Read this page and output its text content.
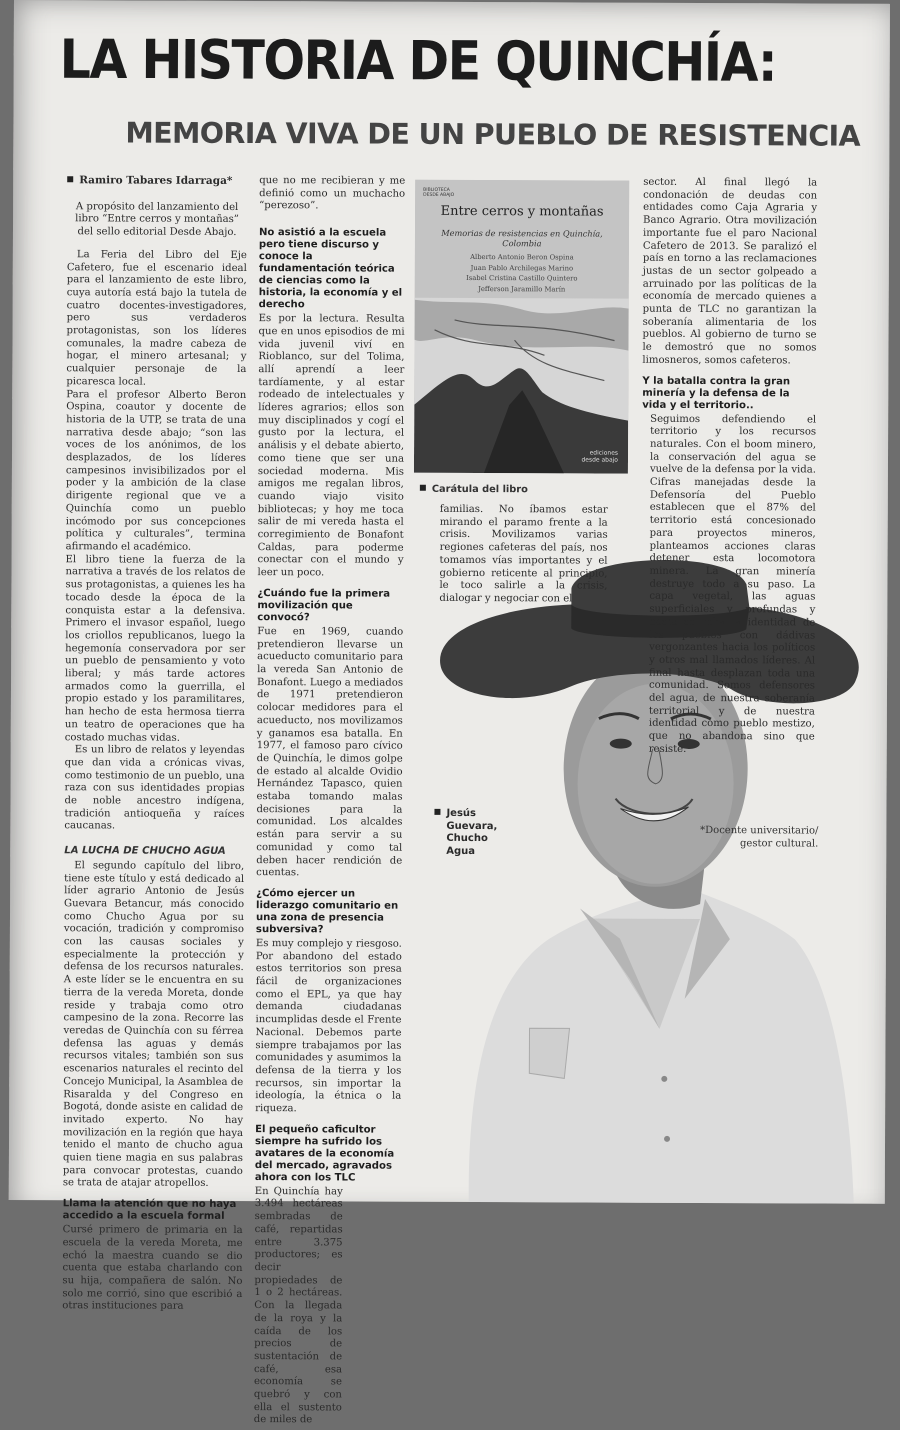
LA HISTORIA DE QUINCHÍA:
MEMORIA VIVA DE UN PUEBLO DE RESISTENCIA
Ramiro Tabares Idarraga*
A propósito del lanzamiento del libro “Entre cerros y montañas” del sello editorial Desde Abajo.

La Feria del Libro del Eje Cafetero, fue el escenario ideal para el lanzamiento de este libro, cuya autoría está bajo la tutela de cuatro docentes-investigadores, pero sus verdaderos protagonistas, son los líderes comunales, la madre cabeza de hogar, el minero artesanal; y cualquier personaje de la picaresca local.

Para el profesor Alberto Beron Ospina, coautor y docente de historia de la UTP, se trata de una narrativa desde abajo; “son las voces de los anónimos, de los desplazados, de los líderes campesinos invisibilizados por el poder y la ambición de la clase dirigente regional que ve a Quinchía como un pueblo incómodo por sus concepciones política y culturales”, termina afirmando el académico.

El libro tiene la fuerza de la narrativa a través de los relatos de sus protagonistas, a quienes les ha tocado desde la época de la conquista estar a la defensiva. Primero el invasor español, luego los criollos republicanos, luego la hegemonía conservadora por ser un pueblo de pensamiento y voto liberal; y más tarde actores armados como la guerrilla, el propio estado y los paramilitares, han hecho de esta hermosa tierra un teatro de operaciones que ha costado muchas vidas.

Es un libro de relatos y leyendas que dan vida a crónicas vivas, como testimonio de un pueblo, una raza con sus identidades propias de noble ancestro indígena, tradición antioqueña y raíces caucanas.

LA LUCHA DE CHUCHO AGUA

El segundo capítulo del libro, tiene este título y está dedicado al líder agrario Antonio de Jesús Guevara Betancur, más conocido como Chucho Agua por su vocación, tradición y compromiso con las causas sociales y especialmente la protección y defensa de los recursos naturales. A este líder se le encuentra en su tierra de la vereda Moreta, donde reside y trabaja como otro campesino de la zona. Recorre las veredas de Quinchía con su férrea defensa las aguas y demás recursos vitales; también son sus escenarios naturales el recinto del Concejo Municipal, la Asamblea de Risaralda y del Congreso en Bogotá, donde asiste en calidad de invitado experto. No hay movilización en la región que haya tenido el manto de chucho agua quien tiene magia en sus palabras para convocar protestas, cuando se trata de atajar atropellos.

Llama la atención que no haya accedido a la escuela formal

Cursé primero de primaria en la escuela de la vereda Moreta, me echó la maestra cuando se dio cuenta que estaba charlando con su hija, compañera de salón. No solo me corrió, sino que escribió a otras instituciones para

que no me recibieran y me definió como un muchacho “perezoso”.

No asistió a la escuela pero tiene discurso y conoce la fundamentación teórica de ciencias como la historia, la economía y el derecho

Es por la lectura. Resulta que en unos episodios de mi vida juvenil viví en Rioblanco, sur del Tolima, allí aprendí a leer tardíamente, y al estar rodeado de intelectuales y líderes agrarios; ellos son muy disciplinados y cogí el gusto por la lectura, el análisis y el debate abierto, como tiene que ser una sociedad moderna. Mis amigos me regalan libros, cuando viajo visito bibliotecas; y hoy me toca salir de mi vereda hasta el corregimiento de Bonafont Caldas, para poderme conectar con el mundo y leer un poco.

¿Cuándo fue la primera movilización que convocó?

Fue en 1969, cuando pretendieron llevarse un acueducto comunitario para la vereda San Antonio de Bonafont. Luego a mediados de 1971 pretendieron colocar medidores para el acueducto, nos movilizamos y ganamos esa batalla. En 1977, el famoso paro cívico de Quinchía, le dimos golpe de estado al alcalde Ovidio Hernández Tapasco, quien estaba tomando malas decisiones para la comunidad. Los alcaldes están para servir a su comunidad y como tal deben hacer rendición de cuentas.

¿Cómo ejercer un liderazgo comunitario en una zona de presencia subversiva?

Es muy complejo y riesgoso. Por abandono del estado estos territorios son presa fácil de organizaciones como el EPL, ya que hay demanda ciudadanas incumplidas desde el Frente Nacional. Debemos parte siempre trabajamos por las comunidades y asumimos la defensa de la tierra y los recursos, sin importar la ideología, la étnica o la riqueza.

El pequeño caficultor siempre ha sufrido los avatares de la economía del mercado, agravados ahora con los TLC

En Quinchía hay 3.494 hectáreas sembradas de café, repartidas entre 3.375 productores; es decir propiedades de 1 o 2 hectáreas. Con la llegada de la roya y la caída de los precios de sustentación de café, esa economía se quebró y con ella el sustento de miles de

BIBLIOTECA
DESDE ABAJO
Entre cerros y montañas
Memorias de resistencias en Quinchía, Colombia
Alberto Antonio Beron Ospina
Juan Pablo Archilegas Marino
Isabel Cristina Castillo Quintero
Jefferson Jaramillo Marín
ediciones
desde abajo
Carátula del libro

familias. No íbamos estar mirando el paramo frente a la crisis. Movilizamos varias regiones cafeteras del país, nos tomamos vías importantes y el gobierno reticente al principio, le toco salirle a la crisis, dialogar y negociar con el

sector. Al final llegó la condonación de deudas con entidades como Caja Agraria y Banco Agrario. Otra movilización importante fue el paro Nacional Cafetero de 2013. Se paralizó el país en torno a las reclamaciones justas de un sector golpeado a arruinado por las políticas de la economía de mercado quienes a punta de TLC no garantizan la soberanía alimentaria de los pueblos. Al gobierno de turno se le demostró que no somos limosneros, somos cafeteros.

Y la batalla contra la gran minería y la defensa de la vida y el territorio..

Seguimos defendiendo el territorio y los recursos naturales. Con el boom minero, la conservación del agua se vuelve de la defensa por la vida. Cifras manejadas desde la Defensoría del Pueblo establecen que el 87% del territorio está concesionado para proyectos mineros, planteamos acciones claras detener esta locomotora minera. La gran minería destruye todo a su paso. La capa vegetal, las aguas superficiales y profundas y hasta se roba la identidad de los pueblos con dádivas vergonzantes hacia los políticos y otros mal llamados líderes. Al final hasta desplazan toda una comunidad. Somos defensores del agua, de nuestra soberanía territorial y de nuestra identidad como pueblo mestizo, que no abandona sino que resiste.

Jesús
Guevara,
Chucho
Agua
*Docente universitario/ gestor cultural.
